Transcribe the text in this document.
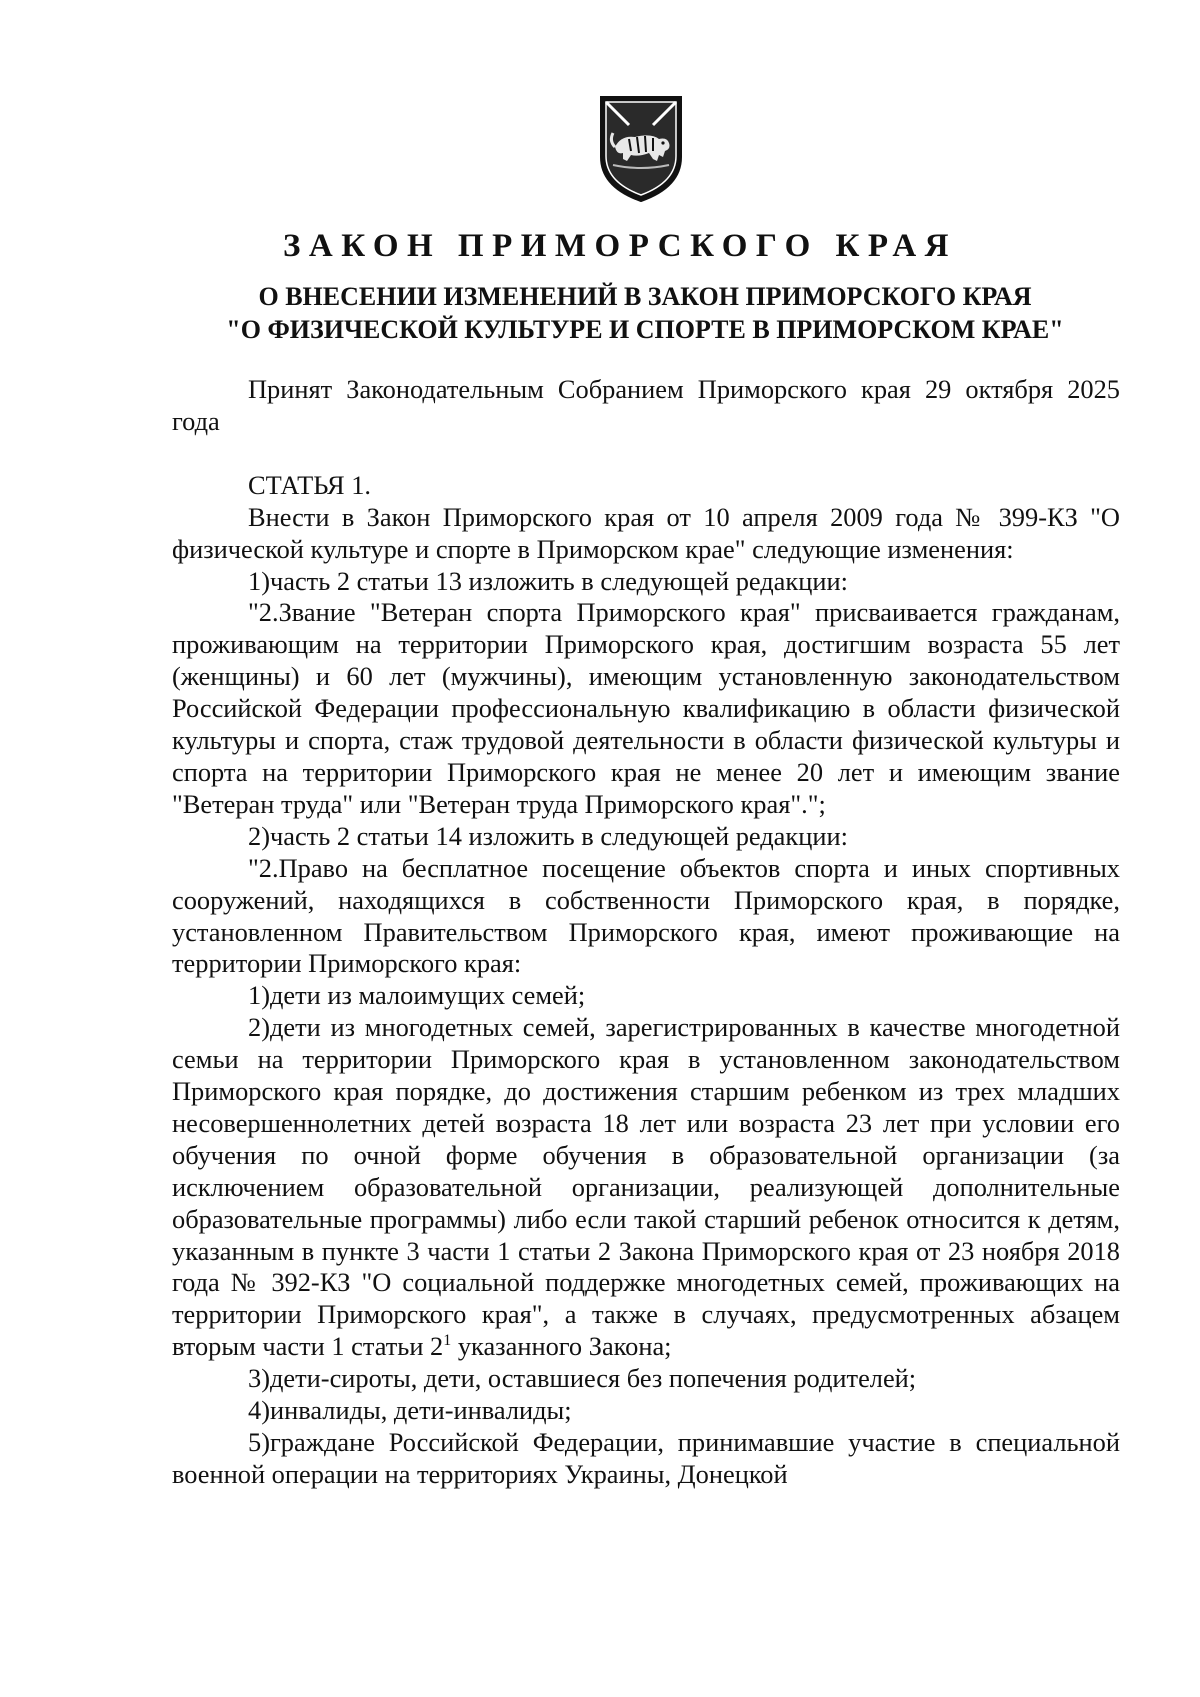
ЗАКОН ПРИМОРСКОГО КРАЯ
О ВНЕСЕНИИ ИЗМЕНЕНИЙ В ЗАКОН ПРИМОРСКОГО КРАЯ
"О ФИЗИЧЕСКОЙ КУЛЬТУРЕ И СПОРТЕ В ПРИМОРСКОМ КРАЕ"

Принят Законодательным Собранием Приморского края 29 октября 2025 года

СТАТЬЯ 1.

Внести в Закон Приморского края от 10 апреля 2009 года № 399-КЗ "О физической культуре и спорте в Приморском крае" следующие изменения:

1)часть 2 статьи 13 изложить в следующей редакции:

"2.Звание "Ветеран спорта Приморского края" присваивается гражданам, проживающим на территории Приморского края, достигшим возраста 55 лет (женщины) и 60 лет (мужчины), имеющим установленную законодательством Российской Федерации профессиональную квалификацию в области физической культуры и спорта, стаж трудовой деятельности в области физической культуры и спорта на территории Приморского края не менее 20 лет и имеющим звание "Ветеран труда" или "Ветеран труда Приморского края".";

2)часть 2 статьи 14 изложить в следующей редакции:

"2.Право на бесплатное посещение объектов спорта и иных спортивных сооружений, находящихся в собственности Приморского края, в порядке, установленном Правительством Приморского края, имеют проживающие на территории Приморского края:

1)дети из малоимущих семей;

2)дети из многодетных семей, зарегистрированных в качестве многодетной семьи на территории Приморского края в установленном законодательством Приморского края порядке, до достижения старшим ребенком из трех младших несовершеннолетних детей возраста 18 лет или возраста 23 лет при условии его обучения по очной форме обучения в образовательной организации (за исключением образовательной организации, реализующей дополнительные образовательные программы) либо если такой старший ребенок относится к детям, указанным в пункте 3 части 1 статьи 2 Закона Приморского края от 23 ноября 2018 года № 392-КЗ "О социальной поддержке многодетных семей, проживающих на территории Приморского края", а также в случаях, предусмотренных абзацем вторым части 1 статьи $2^1$ указанного Закона;

3)дети-сироты, дети, оставшиеся без попечения родителей;

4)инвалиды, дети-инвалиды;

5)граждане Российской Федерации, принимавшие участие в специальной военной операции на территориях Украины, Донецкой
